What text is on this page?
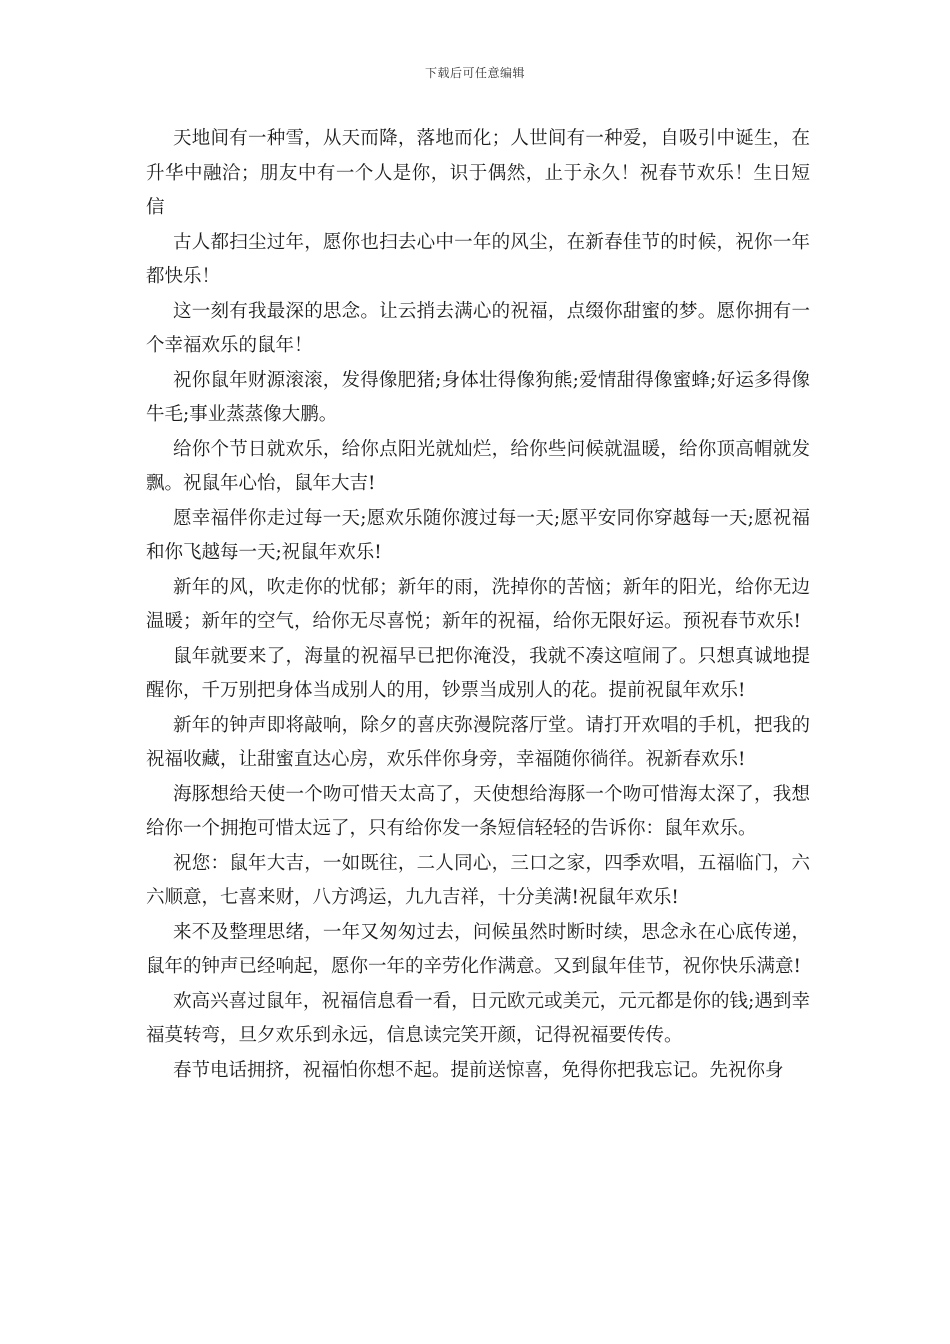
下载后可任意编辑

天地间有一种雪，从天而降，落地而化；人世间有一种爱，自吸引中诞生，在升华中融洽；朋友中有一个人是你，识于偶然，止于永久！祝春节欢乐！生日短信

古人都扫尘过年，愿你也扫去心中一年的风尘，在新春佳节的时候，祝你一年都快乐！

这一刻有我最深的思念。让云捎去满心的祝福，点缀你甜蜜的梦。愿你拥有一个幸福欢乐的鼠年！

祝你鼠年财源滚滚，发得像肥猪;身体壮得像狗熊;爱情甜得像蜜蜂;好运多得像牛毛;事业蒸蒸像大鹏。

给你个节日就欢乐，给你点阳光就灿烂，给你些问候就温暖，给你顶高帽就发飘。祝鼠年心怡，鼠年大吉!

愿幸福伴你走过每一天;愿欢乐随你渡过每一天;愿平安同你穿越每一天;愿祝福和你飞越每一天;祝鼠年欢乐!

新年的风，吹走你的忧郁；新年的雨，洗掉你的苦恼；新年的阳光，给你无边温暖；新年的空气，给你无尽喜悦；新年的祝福，给你无限好运。预祝春节欢乐!

鼠年就要来了，海量的祝福早已把你淹没，我就不凑这喧闹了。只想真诚地提醒你，千万别把身体当成别人的用，钞票当成别人的花。提前祝鼠年欢乐!

新年的钟声即将敲响，除夕的喜庆弥漫院落厅堂。请打开欢唱的手机，把我的祝福收藏，让甜蜜直达心房，欢乐伴你身旁，幸福随你徜徉。祝新春欢乐!

海豚想给天使一个吻可惜天太高了，天使想给海豚一个吻可惜海太深了，我想给你一个拥抱可惜太远了，只有给你发一条短信轻轻的告诉你：鼠年欢乐。

祝您：鼠年大吉，一如既往，二人同心，三口之家，四季欢唱，五福临门，六六顺意，七喜来财，八方鸿运，九九吉祥，十分美满!祝鼠年欢乐!

来不及整理思绪，一年又匆匆过去，问候虽然时断时续，思念永在心底传递，鼠年的钟声已经响起，愿你一年的辛劳化作满意。又到鼠年佳节，祝你快乐满意!

欢高兴喜过鼠年，祝福信息看一看，日元欧元或美元，元元都是你的钱;遇到幸福莫转弯，旦夕欢乐到永远，信息读完笑开颜，记得祝福要传传。

春节电话拥挤，祝福怕你想不起。提前送惊喜，免得你把我忘记。先祝你身
